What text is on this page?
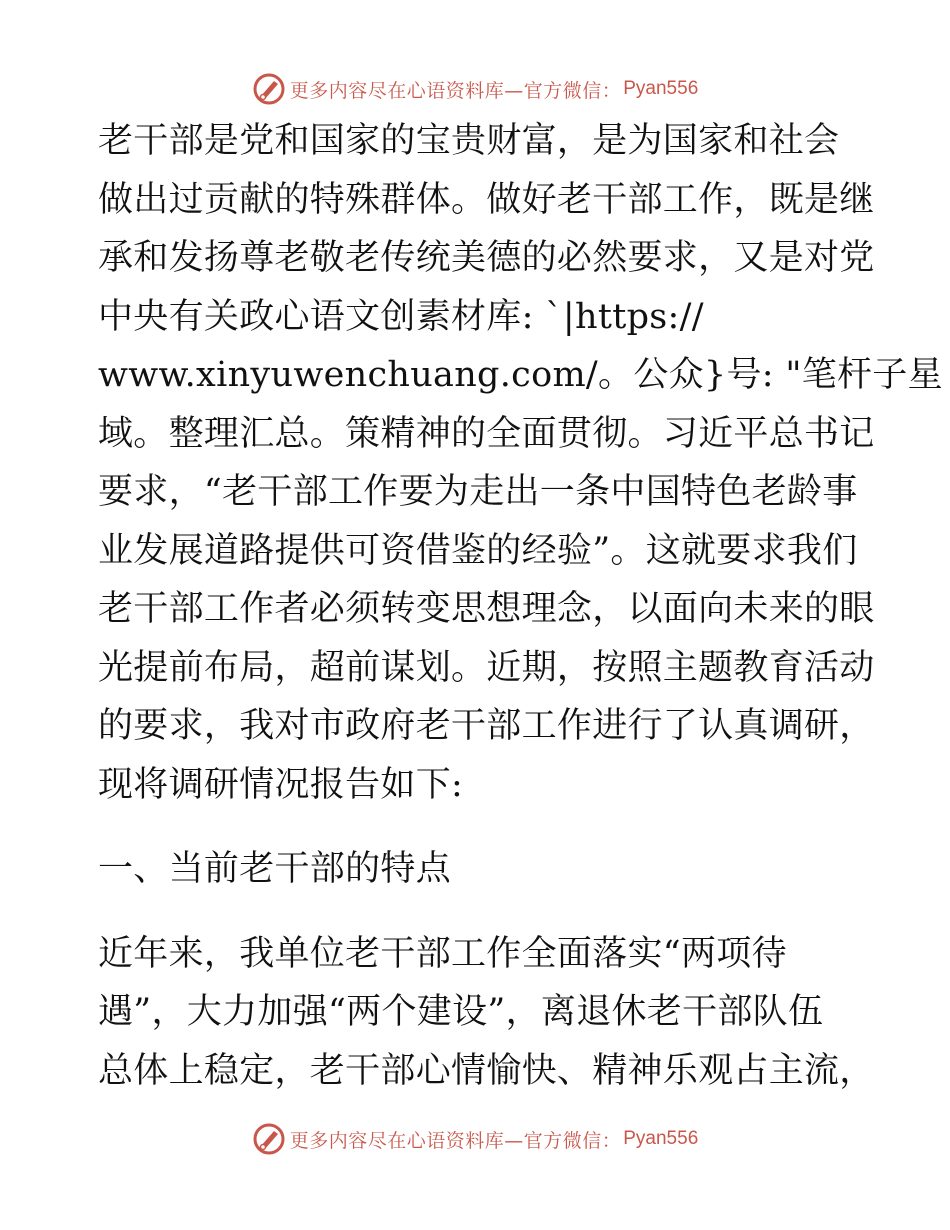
更多内容尽在心语资料库—官方微信： Pyan556
老干部是党和国家的宝贵财富，是为国家和社会
做出过贡献的特殊群体。做好老干部工作，既是继
承和发扬尊老敬老传统美德的必然要求，又是对党
中央有关政心语文创素材库: `|https://
www.xinyuwenchuang.com/。公众}号: "笔杆子星
域。整理汇总。策精神的全面贯彻。习近平总书记
要求，“老干部工作要为走出一条中国特色老龄事
业发展道路提供可资借鉴的经验”。这就要求我们
老干部工作者必须转变思想理念，以面向未来的眼
光提前布局，超前谋划。近期，按照主题教育活动
的要求，我对市政府老干部工作进行了认真调研，
现将调研情况报告如下:
一、当前老干部的特点
近年来，我单位老干部工作全面落实“两项待
遇”，大力加强“两个建设”，离退休老干部队伍
总体上稳定，老干部心情愉快、精神乐观占主流，
更多内容尽在心语资料库—官方微信： Pyan556
